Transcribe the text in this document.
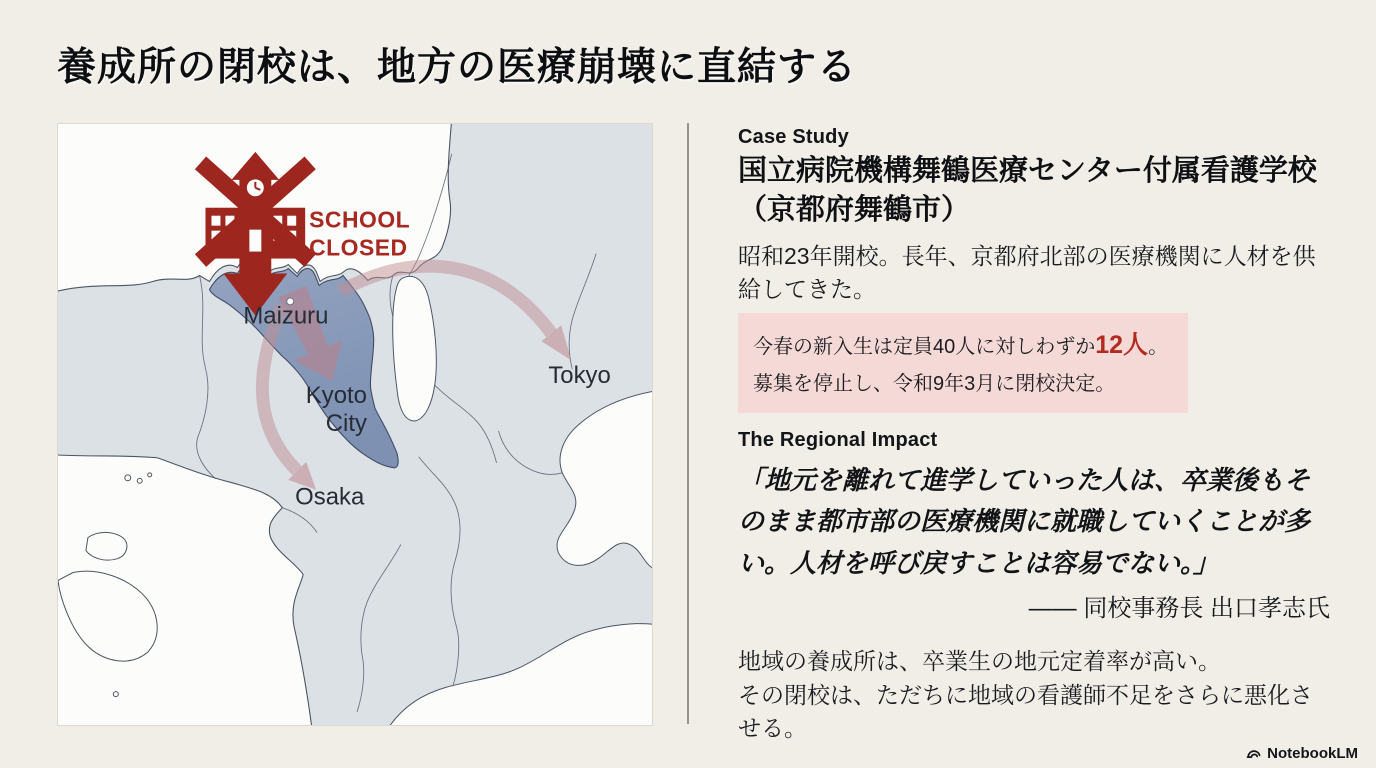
養成所の閉校は、地方の医療崩壊に直結する
SCHOOL
CLOSED
Maizuru
Kyoto
City
Osaka
Tokyo
Case Study
国立病院機構舞鶴医療センター付属看護学校
（京都府舞鶴市）
昭和23年開校。長年、京都府北部の医療機関に人材を供給してきた。
今春の新入生は定員40人に対しわずか12人。
募集を停止し、令和9年3月に閉校決定。
The Regional Impact
「地元を離れて進学していった人は、卒業後もそのまま都市部の医療機関に就職していくことが多い。人材を呼び戻すことは容易でない。」
―― 同校事務長 出口孝志氏
地域の養成所は、卒業生の地元定着率が高い。
その閉校は、ただちに地域の看護師不足をさらに悪化させる。
NotebookLM
